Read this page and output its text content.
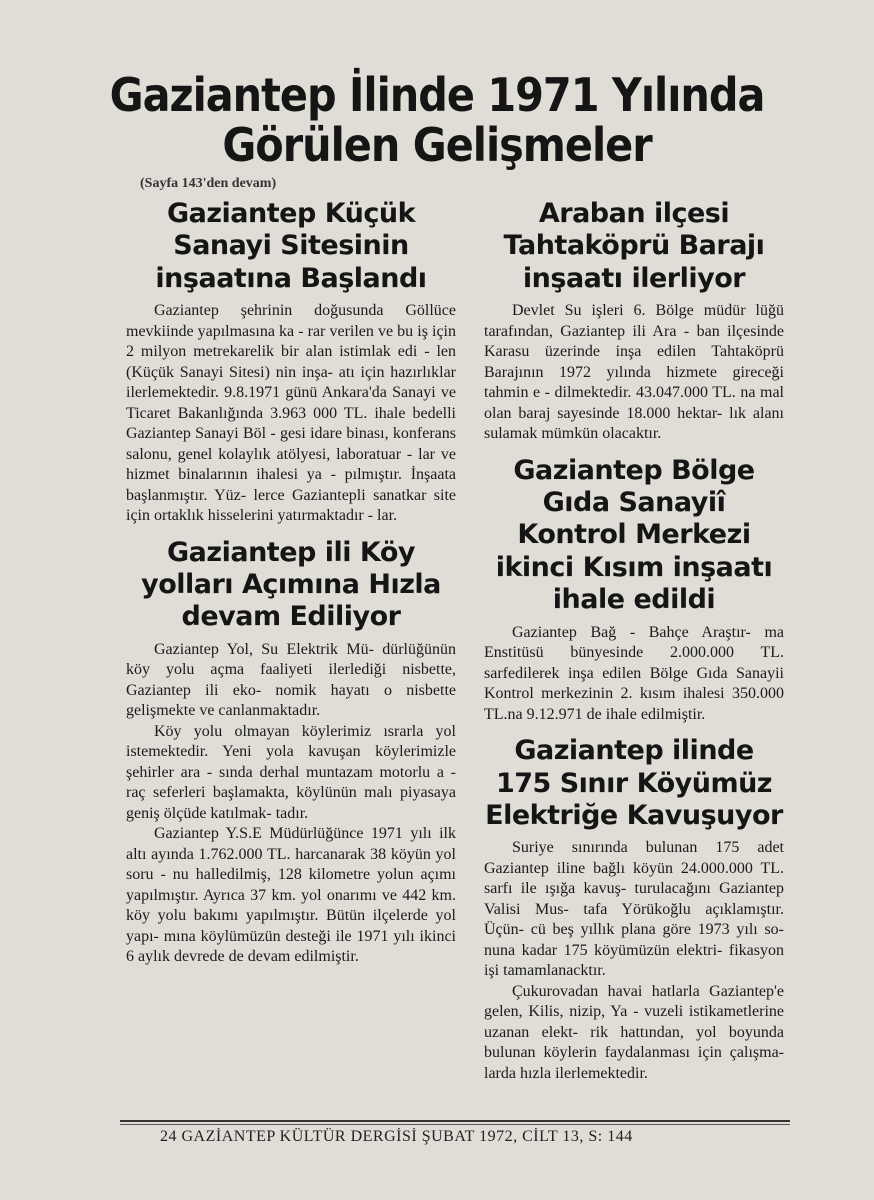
Gaziantep İlinde 1971 Yılında
Görülen Gelişmeler
(Sayfa 143'den devam)
Gaziantep Küçük Sanayi Sitesinin inşaatına Başlandı
Gaziantep şehrinin doğusunda Göllüce mevkiinde yapılmasına ka - rar verilen ve bu iş için 2 milyon metrekarelik bir alan istimlak edi - len (Küçük Sanayi Sitesi) nin inşa- atı için hazırlıklar ilerlemektedir. 9.8.1971 günü Ankara'da Sanayi ve Ticaret Bakanlığında 3.963 000 TL. ihale bedelli Gaziantep Sanayi Böl - gesi idare binası, konferans salonu, genel kolaylık atölyesi, laboratuar - lar ve hizmet binalarının ihalesi ya - pılmıştır. İnşaata başlanmıştır. Yüz- lerce Gaziantepli sanatkar site için ortaklık hisselerini yatırmaktadır - lar.
Gaziantep ili Köy yolları Açımına Hızla devam Ediliyor
Gaziantep Yol, Su Elektrik Mü- dürlüğünün köy yolu açma faaliyeti ilerlediği nisbette, Gaziantep ili eko- nomik hayatı o nisbette gelişmekte ve canlanmaktadır.
Köy yolu olmayan köylerimiz ısrarla yol istemektedir. Yeni yola kavuşan köylerimizle şehirler ara - sında derhal muntazam motorlu a - raç seferleri başlamakta, köylünün malı piyasaya geniş ölçüde katılmak- tadır.
Gaziantep Y.S.E Müdürlüğünce 1971 yılı ilk altı ayında 1.762.000 TL. harcanarak 38 köyün yol soru - nu halledilmiş, 128 kilometre yolun açımı yapılmıştır. Ayrıca 37 km. yol onarımı ve 442 km. köy yolu bakımı yapılmıştır. Bütün ilçelerde yol yapı- mına köylümüzün desteği ile 1971 yılı ikinci 6 aylık devrede de devam edilmiştir.
Araban ilçesi Tahtaköprü Barajı inşaatı ilerliyor
Devlet Su işleri 6. Bölge müdür lüğü tarafından, Gaziantep ili Ara - ban ilçesinde Karasu üzerinde inşa edilen Tahtaköprü Barajının 1972 yılında hizmete gireceği tahmin e - dilmektedir. 43.047.000 TL. na mal olan baraj sayesinde 18.000 hektar- lık alanı sulamak mümkün olacaktır.
Gaziantep Bölge Gıda Sanayiî Kontrol Merkezi ikinci Kısım inşaatı ihale edildi
Gaziantep Bağ - Bahçe Araştır- ma Enstitüsü bünyesinde 2.000.000 TL. sarfedilerek inşa edilen Bölge Gıda Sanayii Kontrol merkezinin 2. kısım ihalesi 350.000 TL.na 9.12.971 de ihale edilmiştir.
Gaziantep ilinde 175 Sınır Köyümüz Elektriğe Kavuşuyor
Suriye sınırında bulunan 175 adet Gaziantep iline bağlı köyün 24.000.000 TL. sarfı ile ışığa kavuş- turulacağını Gaziantep Valisi Mus- tafa Yörükoğlu açıklamıştır. Üçün- cü beş yıllık plana göre 1973 yılı so- nuna kadar 175 köyümüzün elektri- fikasyon işi tamamlanacktır.
Çukurovadan havai hatlarla Gaziantep'e gelen, Kilis, nizip, Ya - vuzeli istikametlerine uzanan elekt- rik hattından, yol boyunda bulunan köylerin faydalanması için çalışma- larda hızla ilerlemektedir.
24 GAZİANTEP KÜLTÜR DERGİSİ ŞUBAT 1972, CİLT 13, S: 144
